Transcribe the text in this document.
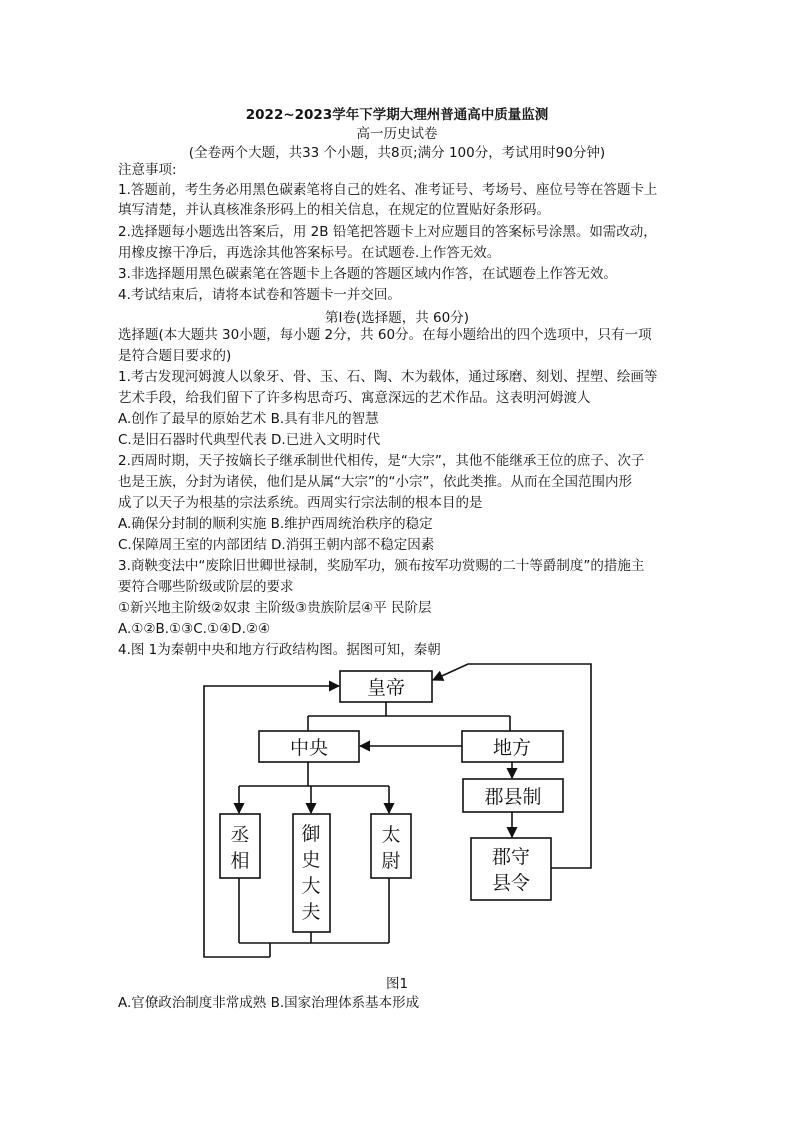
2022~2023学年下学期大理州普通高中质量监测
高一历史试卷
(全卷两个大题，共33 个小题，共8页;满分 100分，考试用时90分钟)
注意事项:
1.答题前，考生务必用黑色碳素笔将自己的姓名、准考证号、考场号、座位号等在答题卡上
填写清楚，并认真核准条形码上的相关信息，在规定的位置贴好条形码。
2.选择题每小题选出答案后，用 2B 铅笔把答题卡上对应题目的答案标号涂黑。如需改动，
用橡皮擦干净后，再选涂其他答案标号。在试题卷.上作答无效。
3.非选择题用黑色碳素笔在答题卡上各题的答题区域内作答，在试题卷上作答无效。
4.考试结束后，请将本试卷和答题卡一并交回。
第Ⅰ卷(选择题，共 60分)
选择题(本大题共 30小题，每小题 2分，共 60分。在每小题给出的四个选项中，只有一项
是符合题目要求的)
1.考古发现河姆渡人以象牙、骨、玉、石、陶、木为载体，通过琢磨、刻划、捏塑、绘画等
艺术手段，给我们留下了许多构思奇巧、寓意深远的艺术作品。这表明河姆渡人
A.创作了最早的原始艺术 B.具有非凡的智慧
C.是旧石器时代典型代表 D.已进入文明时代
2.西周时期，天子按嫡长子继承制世代相传，是“大宗”，其他不能继承王位的庶子、次子
也是王族，分封为诸侯，他们是从属“大宗”的“小宗”，依此类推。从而在全国范围内形
成了以天子为根基的宗法系统。西周实行宗法制的根本目的是
A.确保分封制的顺利实施 B.维护西周统治秩序的稳定
C.保障周王室的内部团结 D.消弭王朝内部不稳定因素
3.商鞅变法中“废除旧世卿世禄制，奖励军功，颁布按军功赏赐的二十等爵制度”的措施主
要符合哪些阶级或阶层的要求
①新兴地主阶级②奴隶 主阶级③贵族阶层④平 民阶层
A.①②B.①③C.①④D.②④
4.图 1为秦朝中央和地方行政结构图。据图可知，秦朝
皇帝
中央	地方
郡县制
郡守
县令
丞
相
御
史
大
夫
太
尉
图1
A.官僚政治制度非常成熟 B.国家治理体系基本形成
